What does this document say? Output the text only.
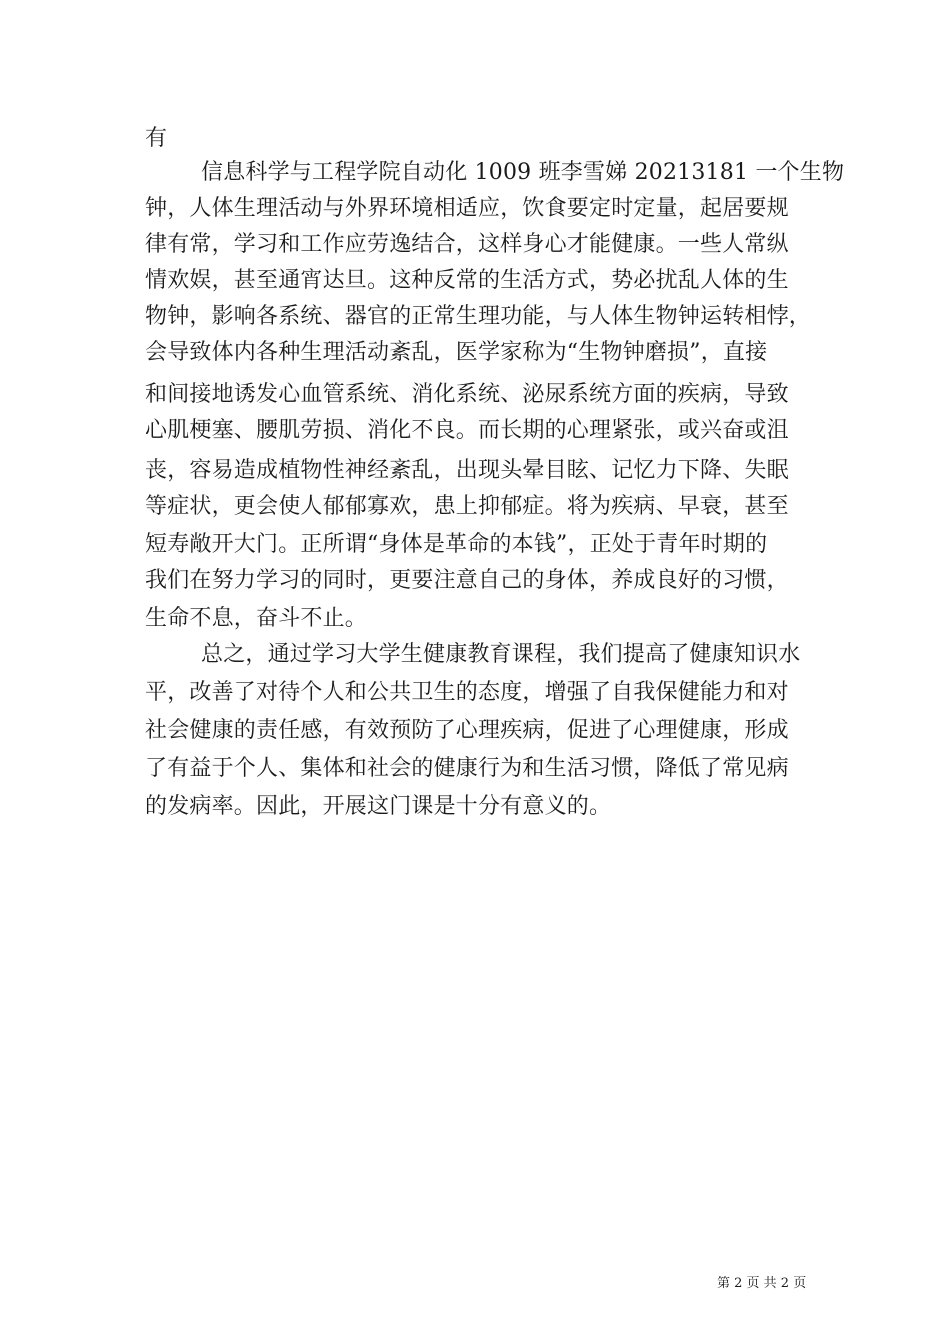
有
信息科学与工程学院自动化 1009 班李雪娣 20213181 一个生物
钟，人体生理活动与外界环境相适应，饮食要定时定量，起居要规
律有常，学习和工作应劳逸结合，这样身心才能健康。一些人常纵
情欢娱，甚至通宵达旦。这种反常的生活方式，势必扰乱人体的生
物钟，影响各系统、器官的正常生理功能，与人体生物钟运转相悖，
会导致体内各种生理活动紊乱，医学家称为“生物钟磨损”，直接
和间接地诱发心血管系统、消化系统、泌尿系统方面的疾病，导致
心肌梗塞、腰肌劳损、消化不良。而长期的心理紧张，或兴奋或沮
丧，容易造成植物性神经紊乱，出现头晕目眩、记忆力下降、失眠
等症状，更会使人郁郁寡欢，患上抑郁症。将为疾病、早衰，甚至
短寿敞开大门。正所谓“身体是革命的本钱”，正处于青年时期的
我们在努力学习的同时，更要注意自己的身体，养成良好的习惯，
生命不息，奋斗不止。
总之，通过学习大学生健康教育课程，我们提高了健康知识水
平，改善了对待个人和公共卫生的态度，增强了自我保健能力和对
社会健康的责任感，有效预防了心理疾病，促进了心理健康，形成
了有益于个人、集体和社会的健康行为和生活习惯，降低了常见病
的发病率。因此，开展这门课是十分有意义的。
第 2 页 共 2 页
